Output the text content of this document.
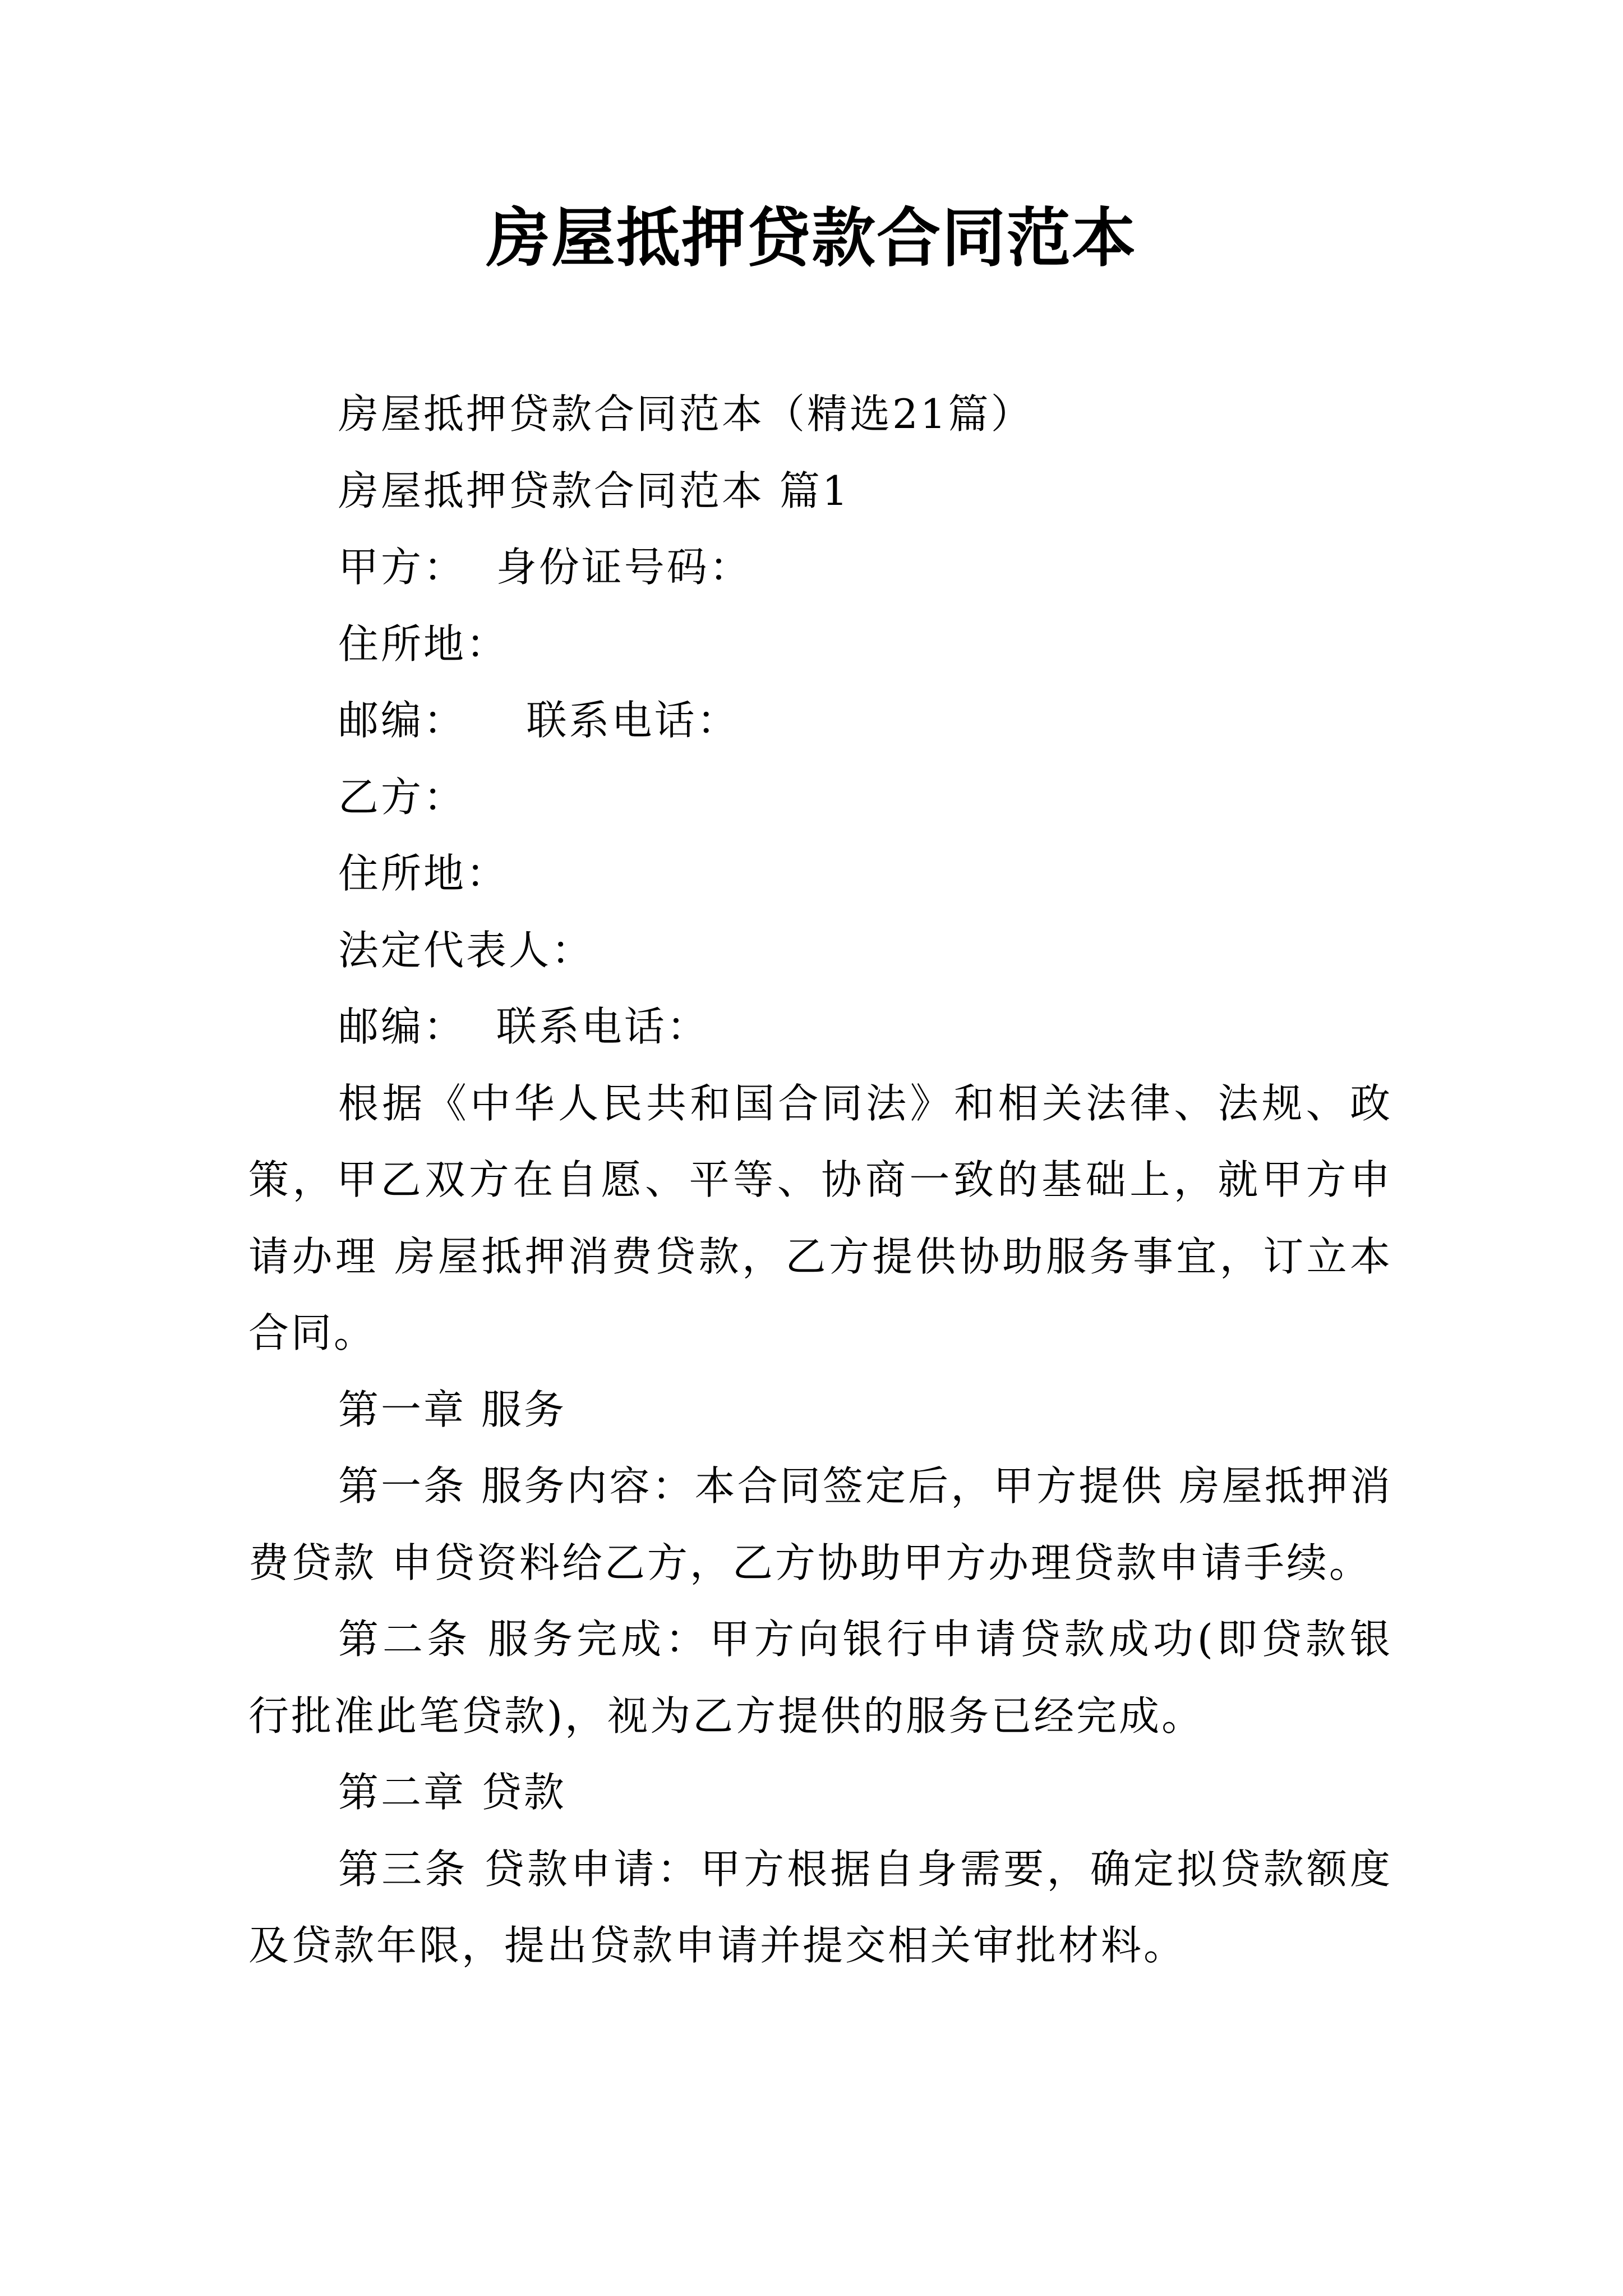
房屋抵押贷款合同范本

房屋抵押贷款合同范本（精选21篇）

房屋抵押贷款合同范本 篇1

甲方：  身份证号码：

住所地：

邮编：    联系电话：

乙方：

住所地：

法定代表人：

邮编：  联系电话：

根据《中华人民共和国合同法》和相关法律、法规、政策，甲乙双方在自愿、平等、协商一致的基础上，就甲方申请办理 房屋抵押消费贷款，乙方提供协助服务事宜，订立本合同。

第一章 服务

第一条 服务内容：本合同签定后，甲方提供 房屋抵押消费贷款 申贷资料给乙方，乙方协助甲方办理贷款申请手续。

第二条 服务完成：甲方向银行申请贷款成功(即贷款银行批准此笔贷款)，视为乙方提供的服务已经完成。

第二章 贷款

第三条 贷款申请：甲方根据自身需要，确定拟贷款额度及贷款年限，提出贷款申请并提交相关审批材料。
